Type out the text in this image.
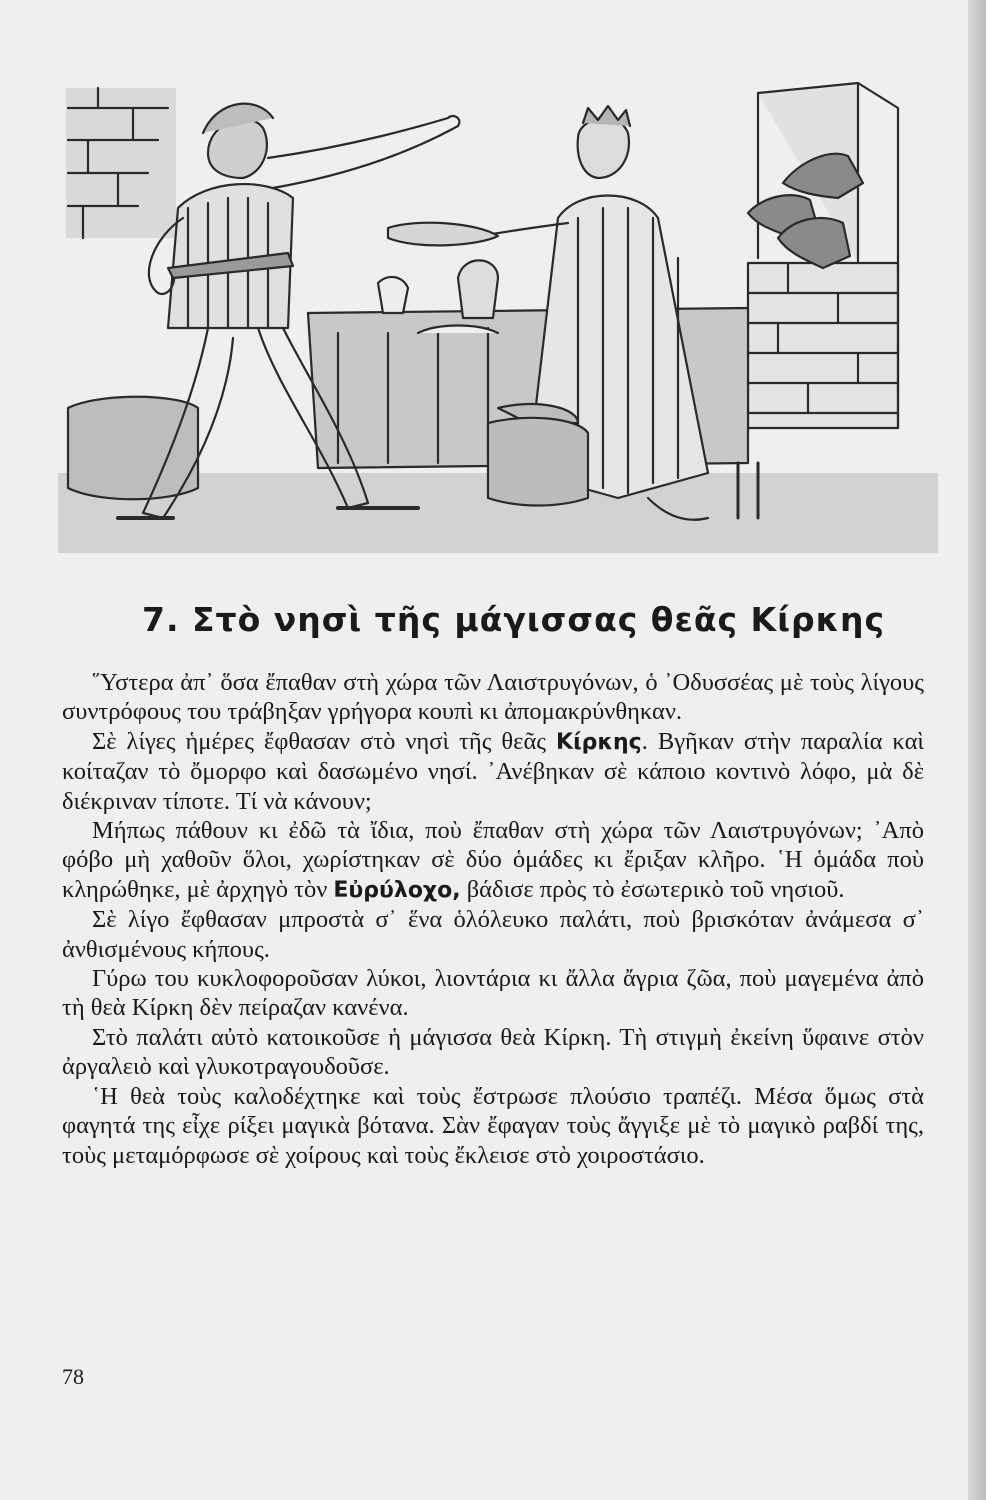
7. Στὸ νησὶ τῆς μάγισσας θεᾶς Κίρκης

῞Υστερα ἀπ᾽ ὅσα ἔπαθαν στὴ χώρα τῶν Λαιστρυγόνων, ὁ ᾽Οδυσσέας μὲ τοὺς λίγους συντρόφους του τράβηξαν γρήγορα κουπὶ κι ἀπομακρύνθηκαν.

Σὲ λίγες ἡμέρες ἔφθασαν στὸ νησὶ τῆς θεᾶς Κίρκης. Βγῆκαν στὴν παραλία καὶ κοίταζαν τὸ ὄμορφο καὶ δασωμένο νησί. ᾽Ανέβηκαν σὲ κάποιο κοντινὸ λόφο, μὰ δὲ διέκριναν τίποτε. Τί νὰ κάνουν;

Μήπως πάθουν κι ἐδῶ τὰ ἴδια, ποὺ ἔπαθαν στὴ χώρα τῶν Λαιστρυγόνων; ᾽Απὸ φόβο μὴ χαθοῦν ὅλοι, χωρίστηκαν σὲ δύο ὁμάδες κι ἔριξαν κλῆρο. ῾Η ὁμάδα ποὺ κληρώθηκε, μὲ ἀρχηγὸ τὸν Εὐρύλοχο, βάδισε πρὸς τὸ ἐσωτερικὸ τοῦ νησιοῦ.

Σὲ λίγο ἔφθασαν μπροστὰ σ᾽ ἕνα ὁλόλευκο παλάτι, ποὺ βρισκόταν ἀνάμεσα σ᾽ ἀνθισμένους κήπους.

Γύρω του κυκλοφοροῦσαν λύκοι, λιοντάρια κι ἄλλα ἄγρια ζῶα, ποὺ μαγεμένα ἀπὸ τὴ θεὰ Κίρκη δὲν πείραζαν κανένα.

Στὸ παλάτι αὐτὸ κατοικοῦσε ἡ μάγισσα θεὰ Κίρκη. Τὴ στιγμὴ ἐκείνη ὕφαινε στὸν ἀργαλειὸ καὶ γλυκοτραγουδοῦσε.

῾Η θεὰ τοὺς καλοδέχτηκε καὶ τοὺς ἔστρωσε πλούσιο τραπέζι. Μέσα ὅμως στὰ φαγητά της εἶχε ρίξει μαγικὰ βότανα. Σὰν ἔφαγαν τοὺς ἄγγιξε μὲ τὸ μαγικὸ ραβδί της, τοὺς μεταμόρφωσε σὲ χοίρους καὶ τοὺς ἔκλεισε στὸ χοιροστάσιο.

78
